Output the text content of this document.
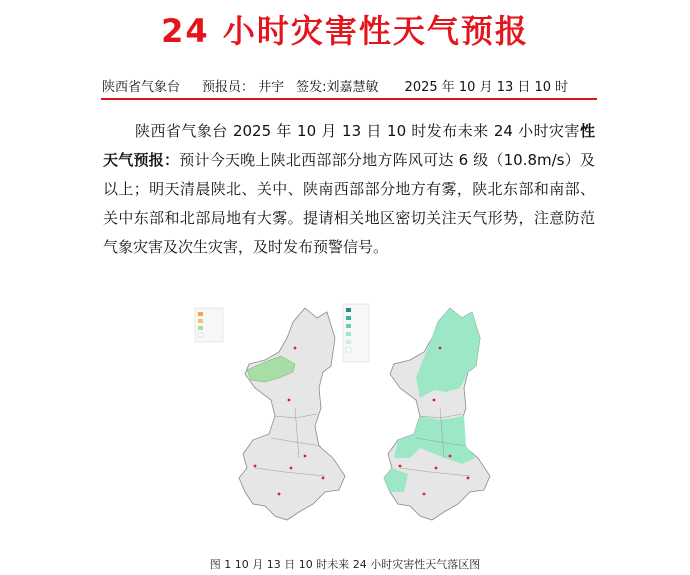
24 小时灾害性天气预报
陕西省气象台 预报员： 井宇 签发:刘嘉慧敏 2025 年 10 月 13 日 10 时
陕西省气象台 2025 年 10 月 13 日 10 时发布未来 24 小时灾害性天气预报：预计今天晚上陕北西部部分地方阵风可达 6 级（10.8m/s）及以上；明天清晨陕北、关中、陕南西部部分地方有雾，陕北东部和南部、关中东部和北部局地有大雾。提请相关地区密切关注天气形势，注意防范气象灾害及次生灾害，及时发布预警信号。
图 1 10 月 13 日 10 时未来 24 小时灾害性天气落区图
